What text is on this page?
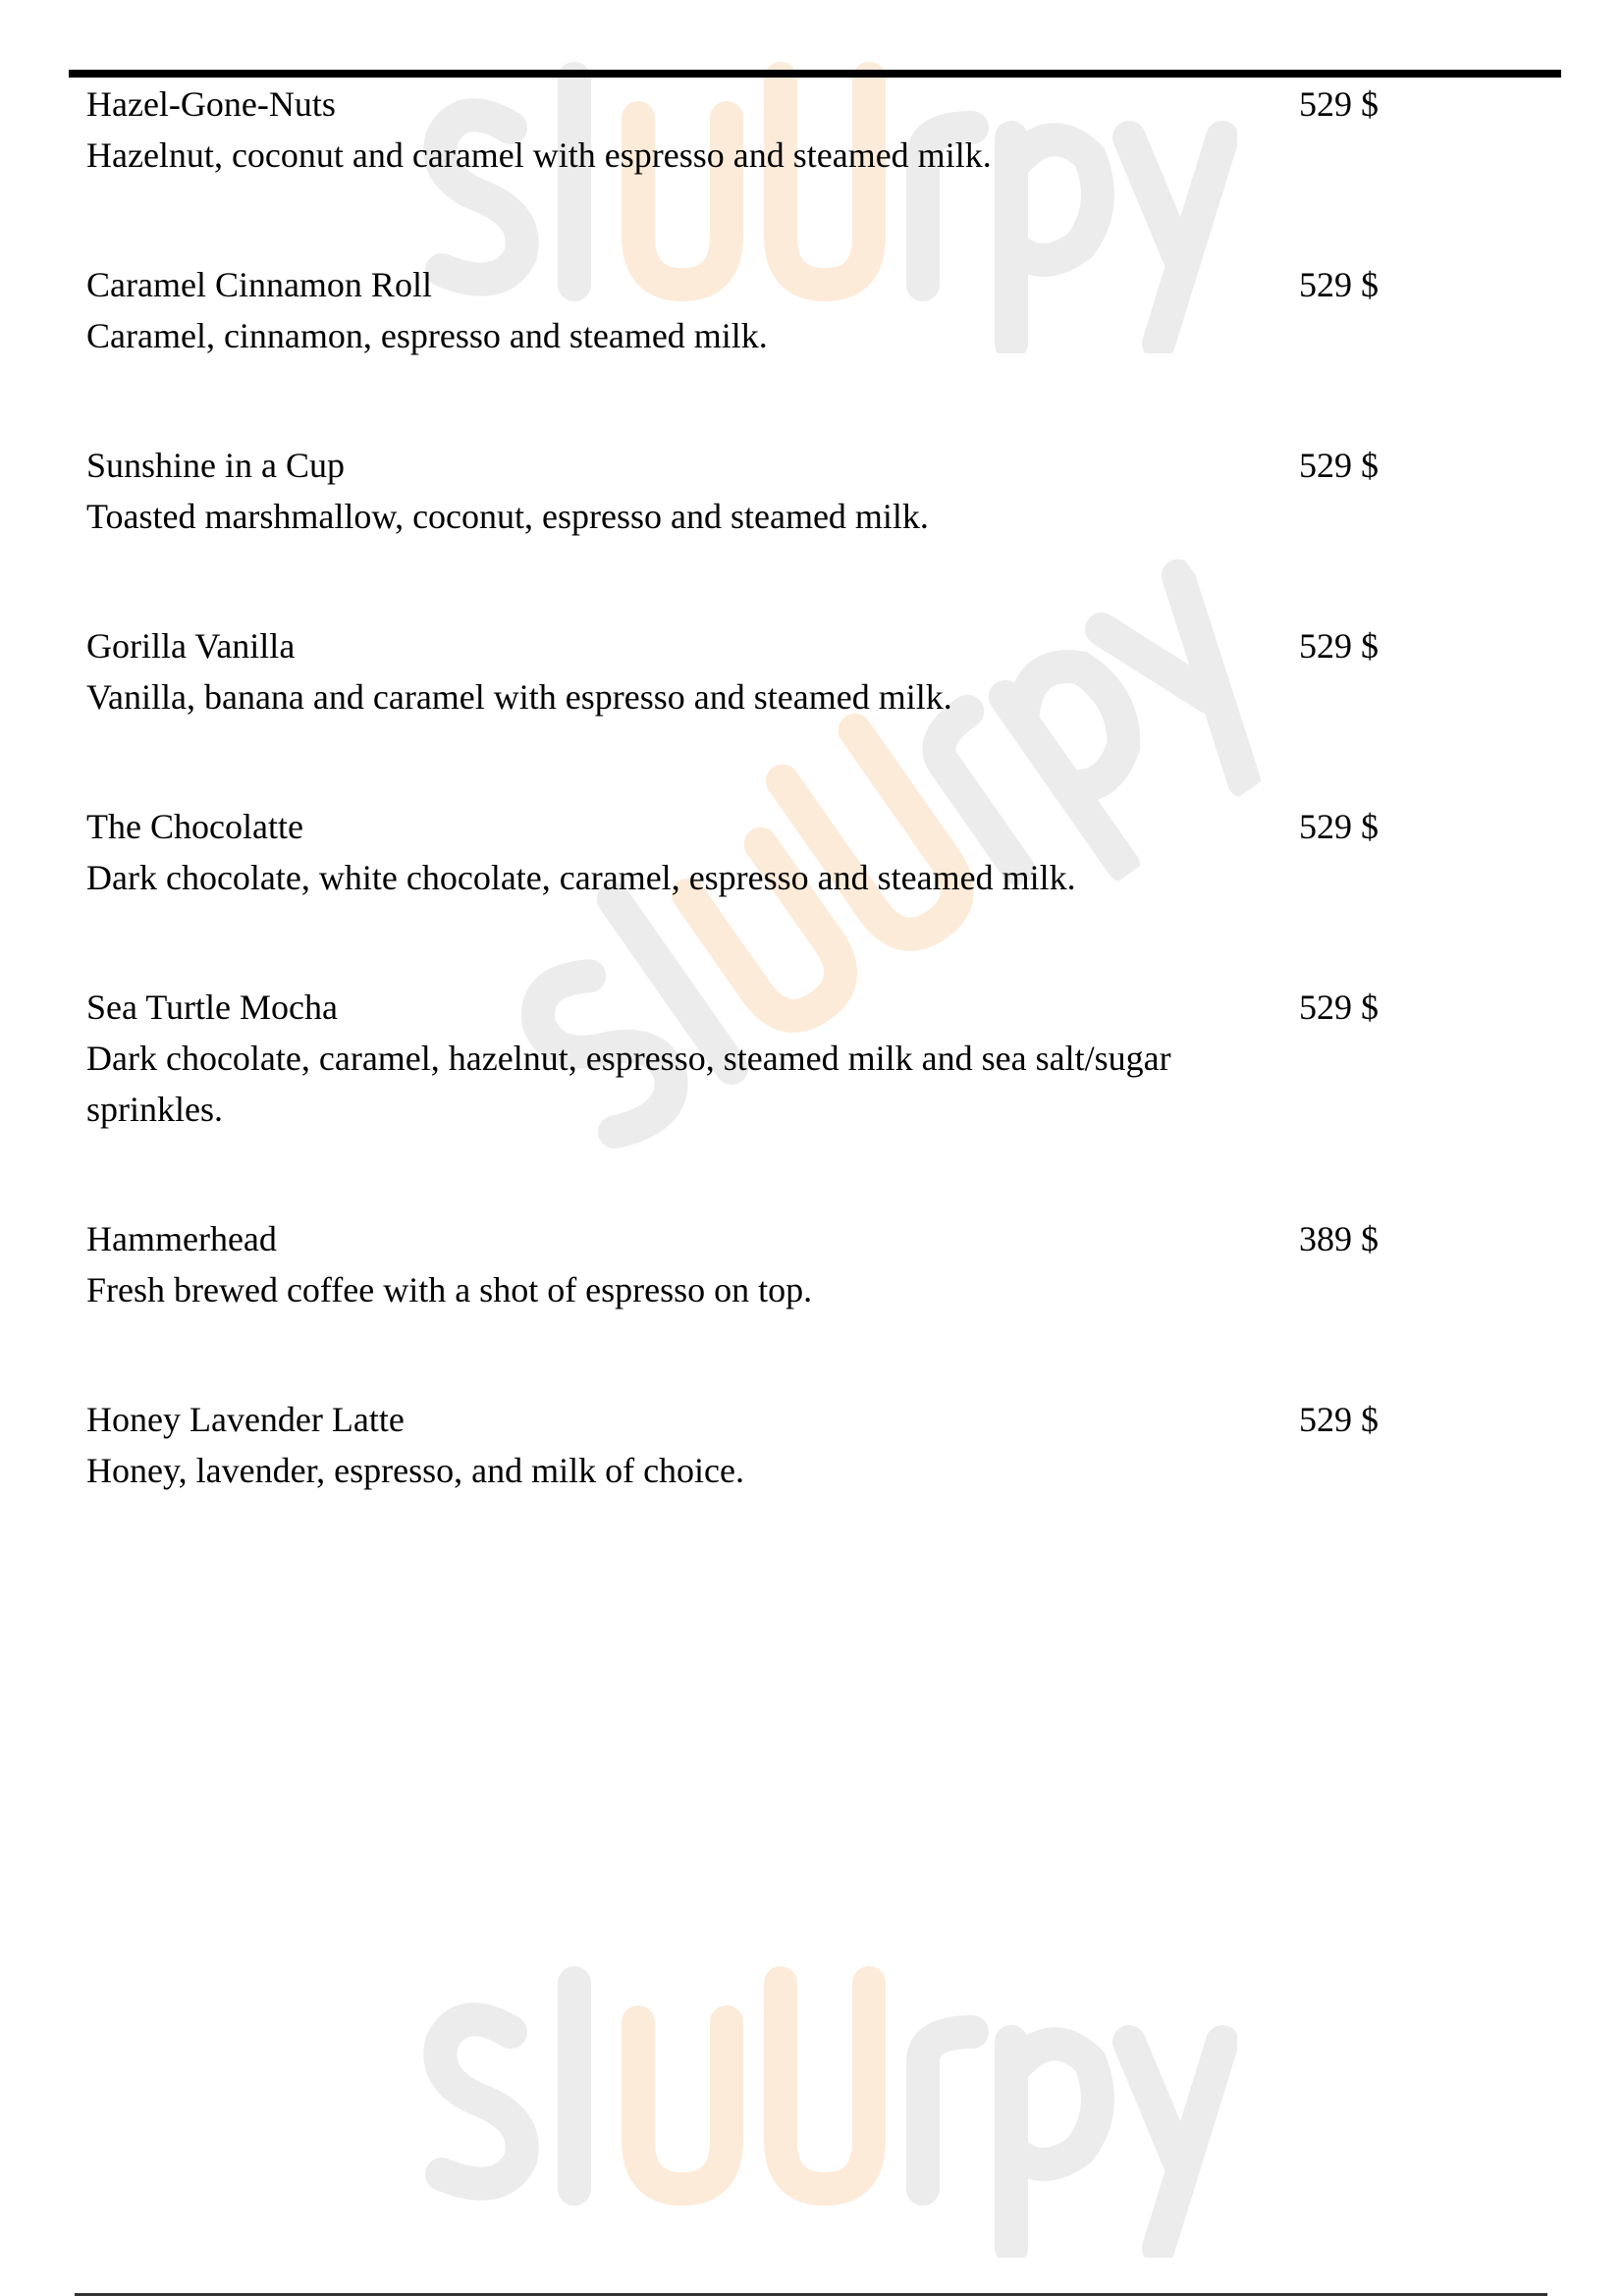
Hazel-Gone-Nuts
Hazelnut, coconut and caramel with espresso and steamed milk.
529 $
Caramel Cinnamon Roll
Caramel, cinnamon, espresso and steamed milk.
529 $
Sunshine in a Cup
Toasted marshmallow, coconut, espresso and steamed milk.
529 $
Gorilla Vanilla
Vanilla, banana and caramel with espresso and steamed milk.
529 $
The Chocolatte
Dark chocolate, white chocolate, caramel, espresso and steamed milk.
529 $
Sea Turtle Mocha
Dark chocolate, caramel, hazelnut, espresso, steamed milk and sea salt/sugar sprinkles.
529 $
Hammerhead
Fresh brewed coffee with a shot of espresso on top.
389 $
Honey Lavender Latte
Honey, lavender, espresso, and milk of choice.
529 $
